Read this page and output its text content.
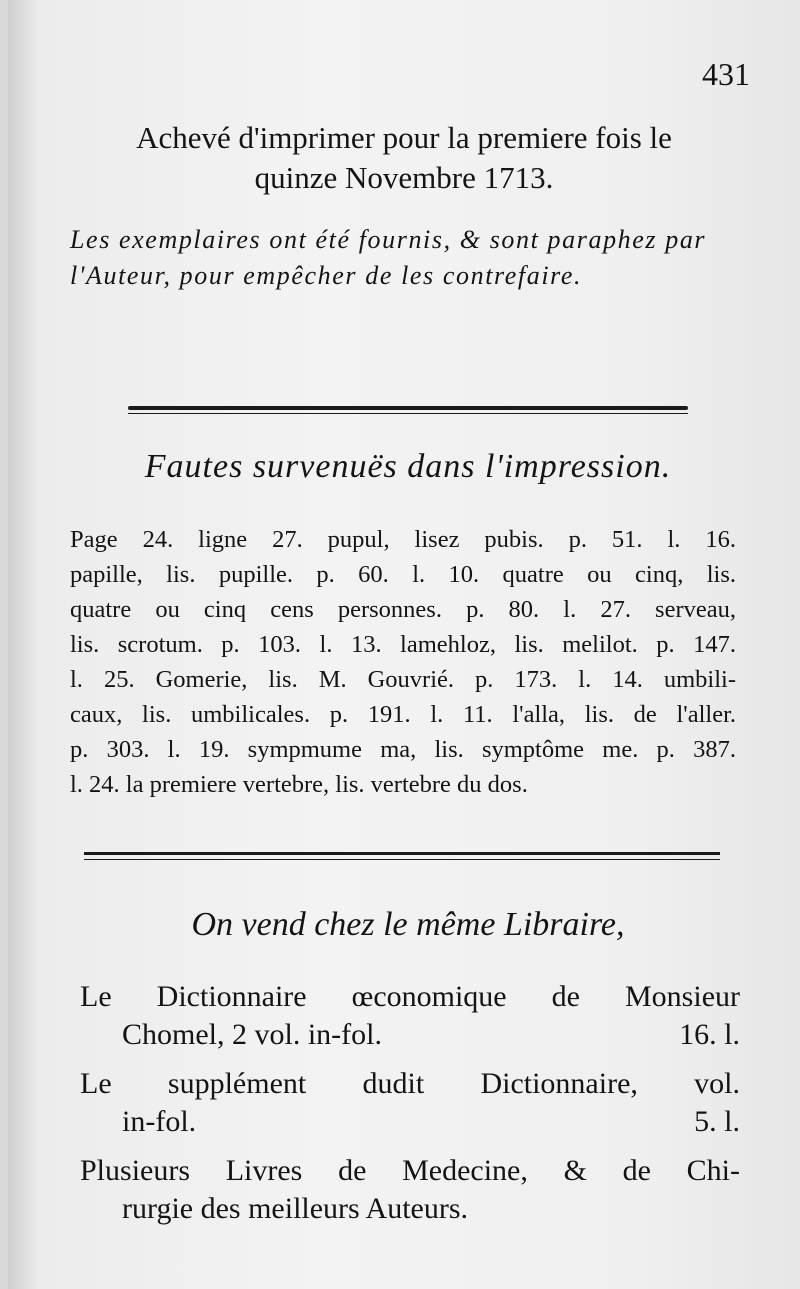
431
Achevé d'imprimer pour la premiere fois le
quinze Novembre 1713.
Les exemplaires ont été fournis, & sont paraphez par l'Auteur, pour empêcher de les contrefaire.
Fautes survenuës dans l'impression.
Page 24. ligne 27. pupul, lisez pubis. p. 51. l. 16.
papille, lis. pupille. p. 60. l. 10. quatre ou cinq, lis.
quatre ou cinq cens personnes. p. 80. l. 27. serveau,
lis. scrotum. p. 103. l. 13. lamehloz, lis. melilot. p. 147.
l. 25. Gomerie, lis. M. Gouvrié. p. 173. l. 14. umbili-
caux, lis. umbilicales. p. 191. l. 11. l'alla, lis. de l'aller.
p. 303. l. 19. sympmume ma, lis. symptôme me. p. 387.
l. 24. la premiere vertebre, lis. vertebre du dos.
On vend chez le même Libraire,
Le Dictionnaire œconomique de Monsieur
Chomel, 2 vol. in-fol.	16. l.
Le supplément dudit Dictionnaire, vol.
in-fol.	5. l.
Plusieurs Livres de Medecine, & de Chi-
rurgie des meilleurs Auteurs.
